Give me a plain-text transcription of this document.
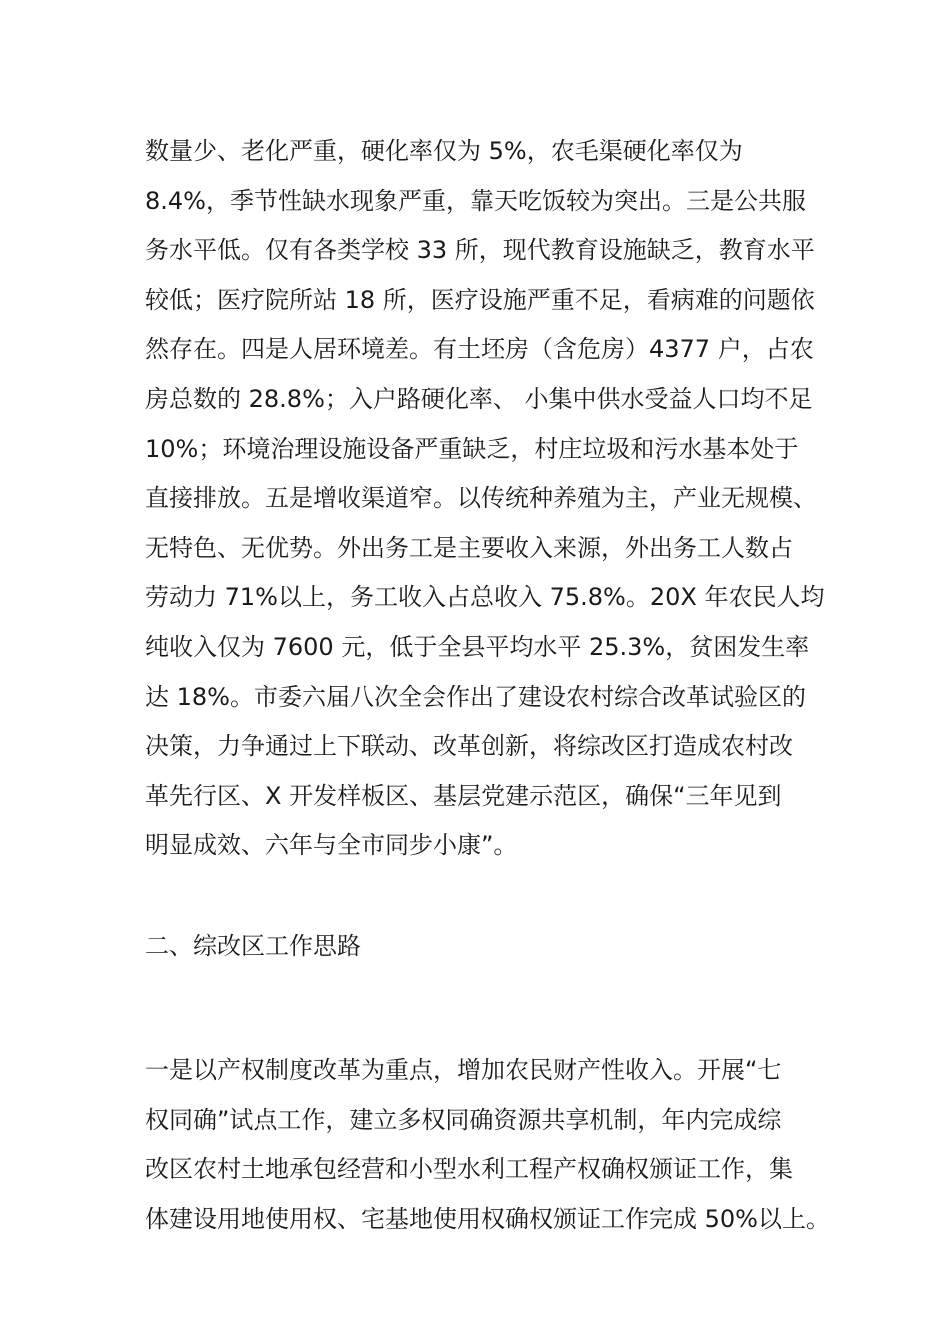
数量少、老化严重，硬化率仅为 5%，农毛渠硬化率仅为
8.4%，季节性缺水现象严重，靠天吃饭较为突出。三是公共服
务水平低。仅有各类学校 33 所，现代教育设施缺乏，教育水平
较低；医疗院所站 18 所，医疗设施严重不足，看病难的问题依
然存在。四是人居环境差。有土坯房（含危房）4377 户，占农
房总数的 28.8%；入户路硬化率、 小集中供水受益人口均不足
10%；环境治理设施设备严重缺乏，村庄垃圾和污水基本处于
直接排放。五是增收渠道窄。以传统种养殖为主，产业无规模、
无特色、无优势。外出务工是主要收入来源，外出务工人数占
劳动力 71%以上，务工收入占总收入 75.8%。20X 年农民人均
纯收入仅为 7600 元，低于全县平均水平 25.3%，贫困发生率
达 18%。市委六届八次全会作出了建设农村综合改革试验区的
决策，力争通过上下联动、改革创新，将综改区打造成农村改
革先行区、X 开发样板区、基层党建示范区，确保“三年见到
明显成效、六年与全市同步小康”。
二、综改区工作思路
一是以产权制度改革为重点，增加农民财产性收入。开展“七
权同确”试点工作，建立多权同确资源共享机制，年内完成综
改区农村土地承包经营和小型水利工程产权确权颁证工作，集
体建设用地使用权、宅基地使用权确权颁证工作完成 50%以上。
